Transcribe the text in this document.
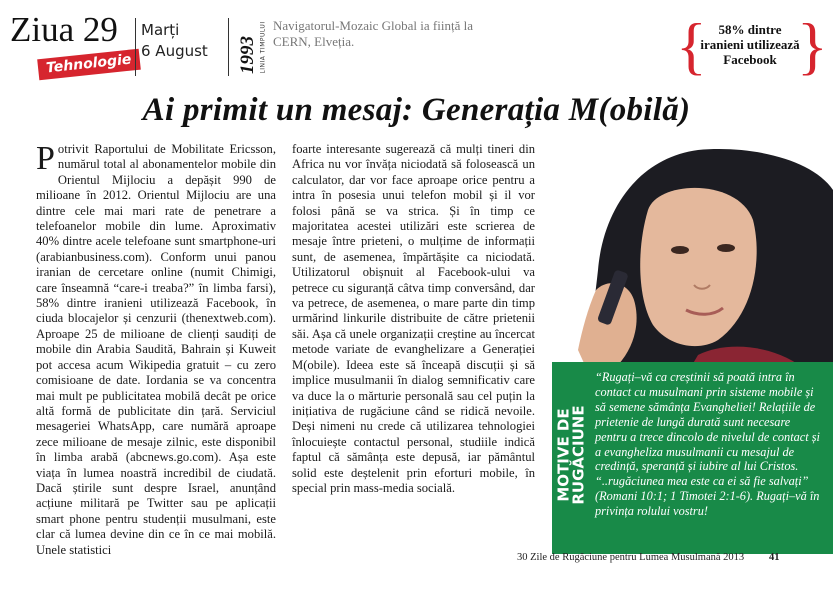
Ziua 29
Tehnologie
Marți
6 August 1993 LINIA TIMPULUI Navigatorul-Mozaic Global ia ființă la CERN, Elveția.	{ 58% dintre iranieni utilizează Facebook }
Ai primit un mesaj: Generația M(obilă)
Potrivit Raportului de Mobilitate Ericsson, numărul total al abonamentelor mobile din Orientul Mijlociu a depășit 990 de milioane în 2012. Orientul Mijlociu are una dintre cele mai mari rate de penetrare a telefoanelor mobile din lume. Aproximativ 40% dintre acele telefoane sunt smartphone-uri (arabianbusiness.com). Conform unui panou iranian de cercetare online (numit Chimigi, care înseamnă “care-i treaba?” în limba farsi), 58% dintre iranieni utilizează Facebook, în ciuda blocajelor și cenzurii (thenextweb.com). Aproape 25 de milioane de clienți saudiți de mobile din Arabia Saudită, Bahrain și Kuweit pot accesa acum Wikipedia gratuit – cu zero comisioane de date. Iordania se va concentra mai mult pe publicitatea mobilă decât pe orice altă formă de publicitate din țară. Serviciul mesageriei WhatsApp, care numără aproape zece milioane de mesaje zilnic, este disponibil în limba arabă (abcnews.go.com). Așa este viața în lumea noastră incredibil de ciudată. Dacă știrile sunt despre Israel, anunțând acțiune militară pe Twitter sau pe aplicații smart phone pentru studenții musulmani, este clar că lumea devine din ce în ce mai mobilă. Unele statistici
foarte interesante sugerează că mulți tineri din Africa nu vor învăța niciodată să folosească un calculator, dar vor face aproape orice pentru a intra în posesia unui telefon mobil și il vor folosi până se va strica. Și în timp ce majoritatea acestei utilizări este scrierea de mesaje între prieteni, o mulțime de informații sunt, de asemenea, împărtășite ca niciodată. Utilizatorul obișnuit al Facebook-ului va petrece cu siguranță câtva timp conversând, dar va petrece, de asemenea, o mare parte din timp urmărind linkurile distribuite de către prietenii săi. Așa că unele organizații creștine au încercat metode variate de evanghelizare a Generației M(obile). Ideea este să înceapă discuții și să implice musulmanii în dialog semnificativ care va duce la o mărturie personală sau cel puțin la inițiativa de rugăciune când se ridică nevoile. Deși nimeni nu crede că utilizarea tehnologiei înlocuiește contactul personal, studiile indică faptul că sămânța este depusă, iar pământul solid este deștelenit prin eforturi mobile, în special prin mass-media socială.	MOTIVE DE RUGĂCIUNE
“Rugați–vă ca creștinii să poată intra în contact cu musulmani prin sisteme mobile și să semene sămânța Evangheliei! Relațiile de prietenie de lungă durată sunt necesare pentru a trece dincolo de nivelul de contact și a evangheliza musulmanii cu mesajul de credință, speranță și iubire al lui Cristos. “..rugăciunea mea este ca ei să fie salvați” (Romani 10:1; 1 Timotei 2:1-6). Rugați–vă în privința rolului vostru!
30 Zile de Rugăciune pentru Lumea Musulmană 2013 41
